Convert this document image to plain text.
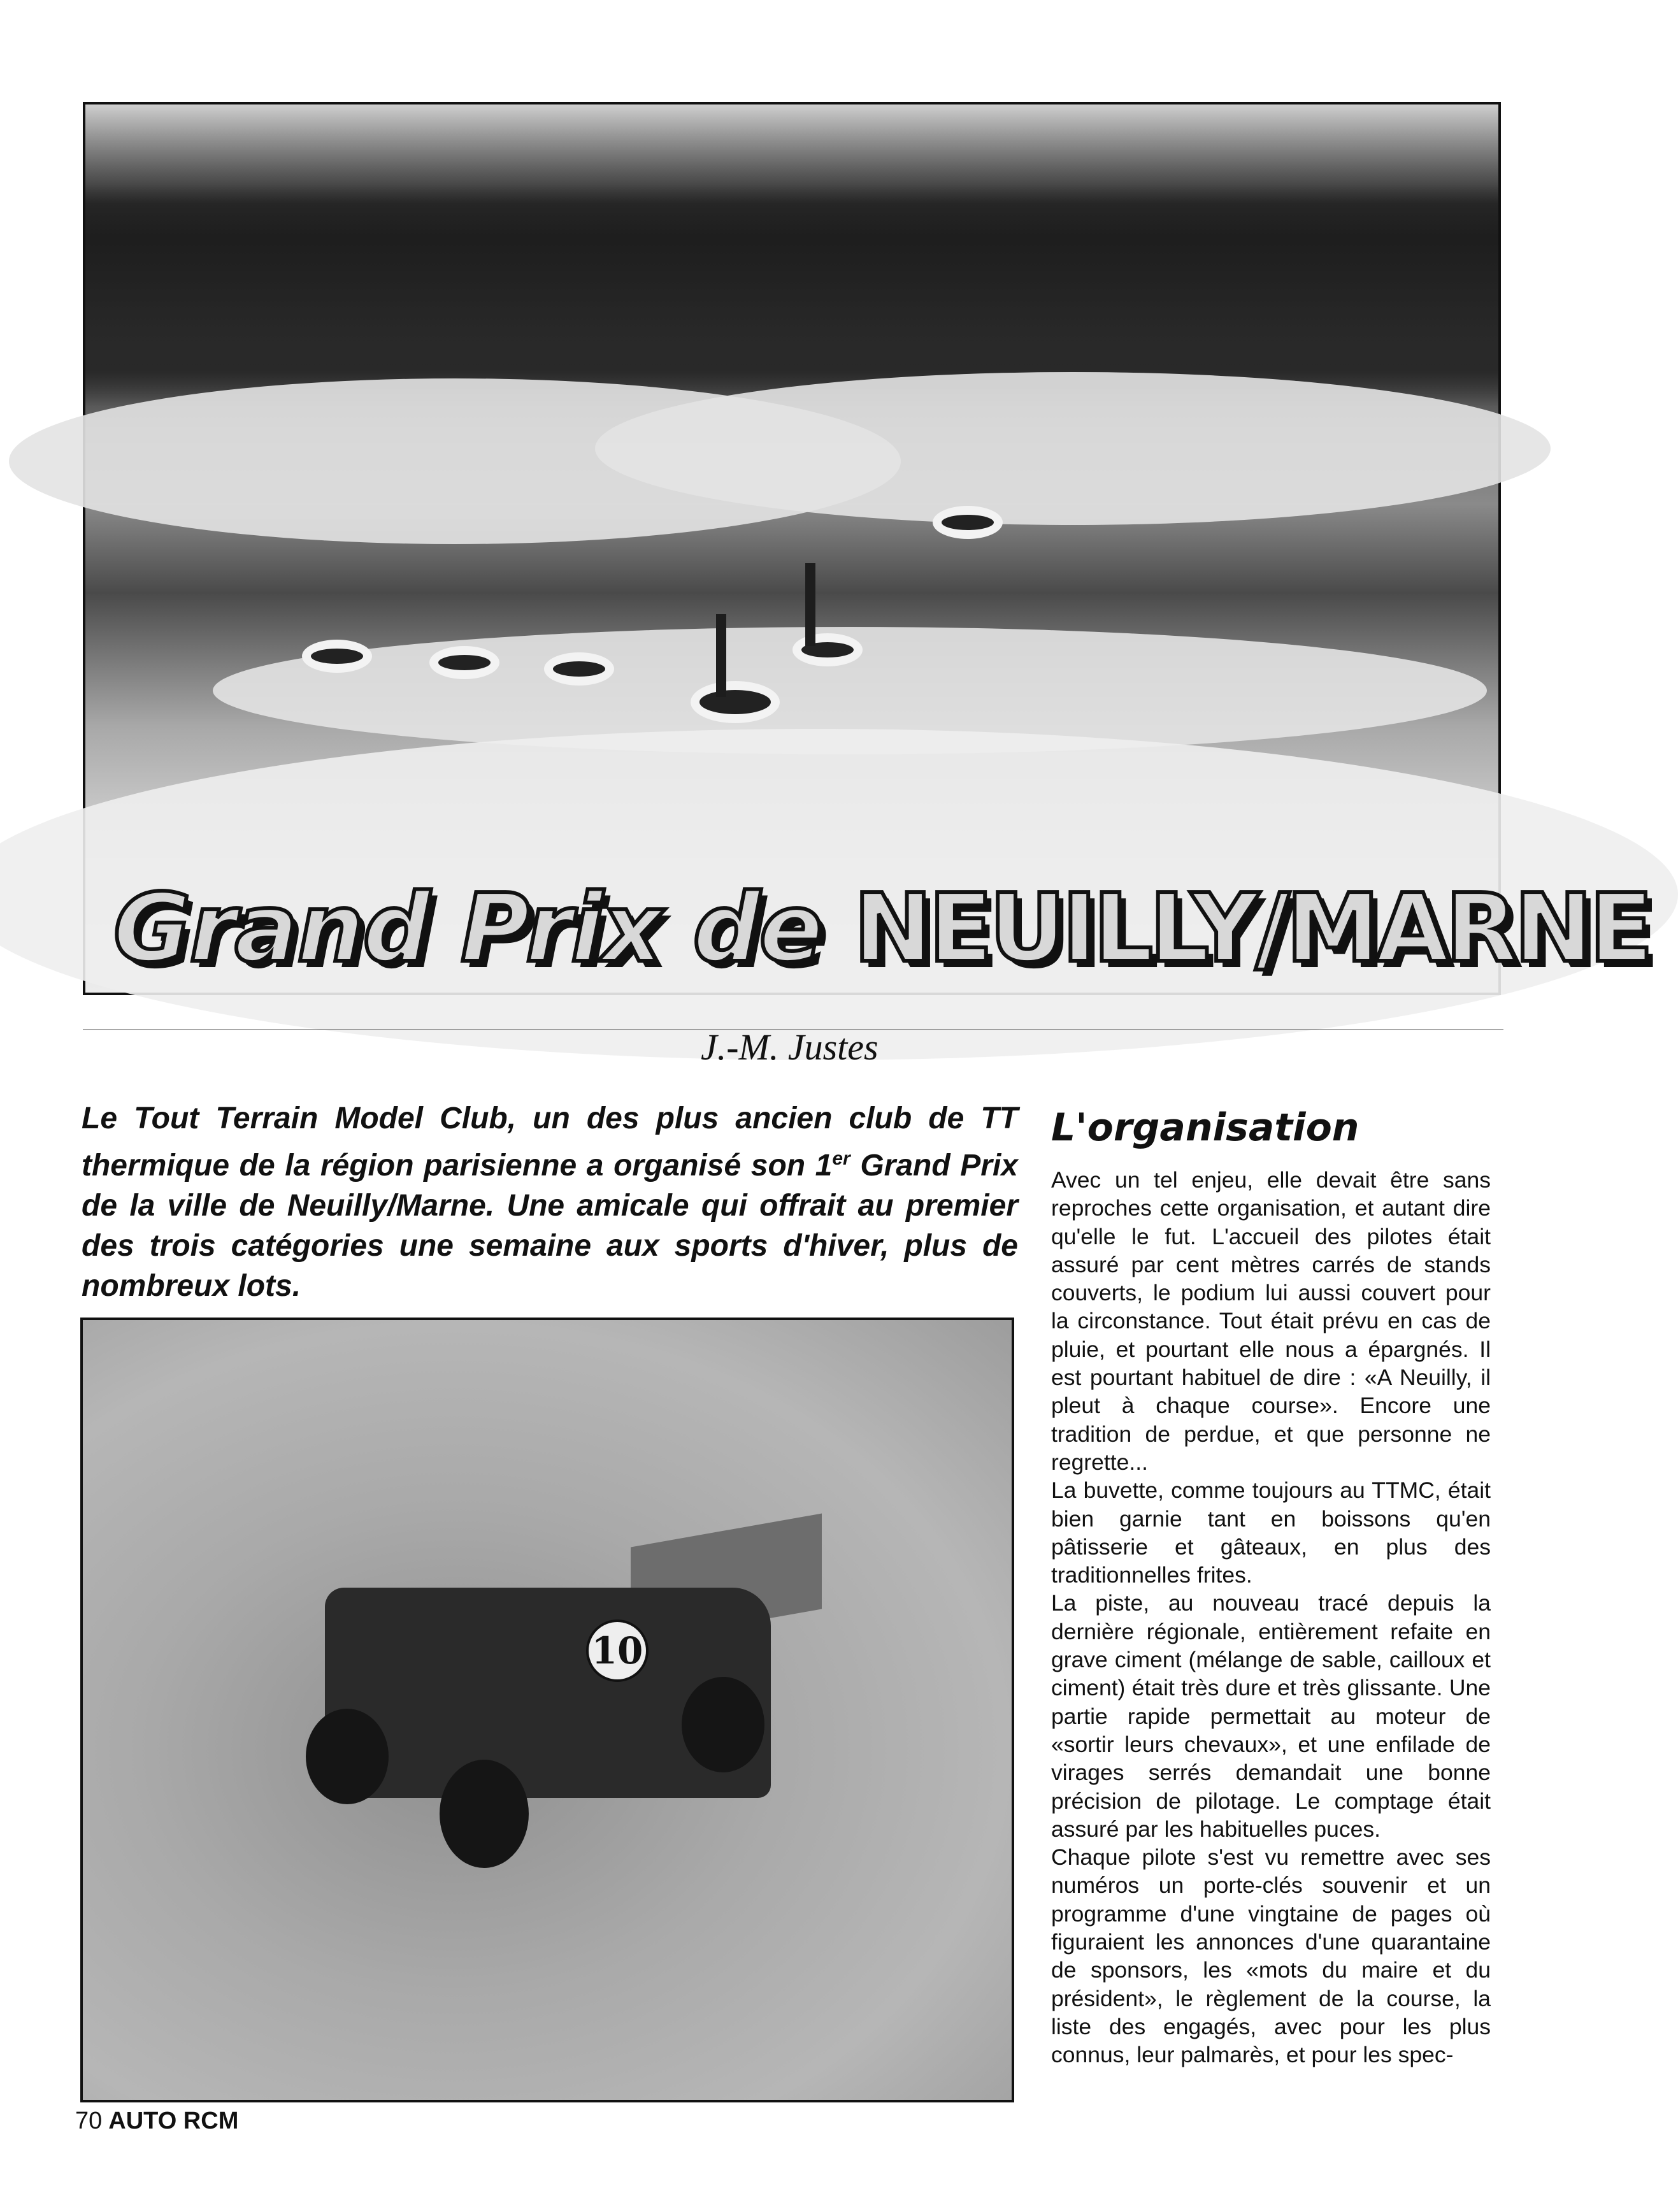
Grand Prix de NEUILLY/MARNE
J.-M. Justes

Le Tout Terrain Model Club, un des plus ancien club de TT thermique de la région parisienne a organisé son 1er Grand Prix de la ville de Neuilly/Marne. Une amicale qui offrait au premier des trois catégories une semaine aux sports d'hiver, plus de nombreux lots.

10
L'organisation

Avec un tel enjeu, elle devait être sans reproches cette organisation, et autant dire qu'elle le fut. L'accueil des pilotes était assuré par cent mètres carrés de stands couverts, le podium lui aussi couvert pour la circonstance. Tout était prévu en cas de pluie, et pourtant elle nous a épargnés. Il est pourtant habituel de dire : «A Neuilly, il pleut à chaque course». Encore une tradition de perdue, et que personne ne regrette...

La buvette, comme toujours au TTMC, était bien garnie tant en boissons qu'en pâtisserie et gâteaux, en plus des traditionnelles frites.

La piste, au nouveau tracé depuis la dernière régionale, entièrement refaite en grave ciment (mélange de sable, cailloux et ciment) était très dure et très glissante. Une partie rapide permettait au moteur de «sortir leurs chevaux», et une enfilade de virages serrés demandait une bonne précision de pilotage. Le comptage était assuré par les habituelles puces.

Chaque pilote s'est vu remettre avec ses numéros un porte-clés souvenir et un programme d'une vingtaine de pages où figuraient les annonces d'une quarantaine de sponsors, les «mots du maire et du président», le règlement de la course, la liste des engagés, avec pour les plus connus, leur palmarès, et pour les spec-

70 AUTO RCM
